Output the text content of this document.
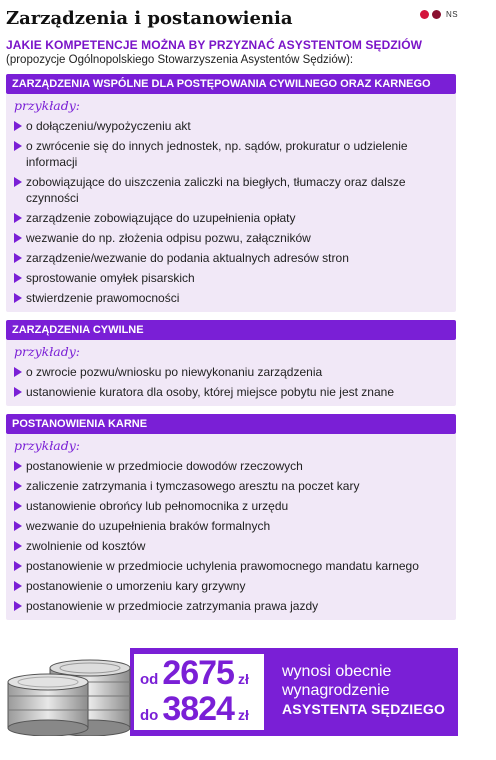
Zarządzenia i postanowienia	NS
JAKIE KOMPETENCJE MOŻNA BY PRZYZNAĆ ASYSTENTOM SĘDZIÓW
(propozycje Ogólnopolskiego Stowarzyszenia Asystentów Sędziów):
ZARZĄDZENIA WSPÓLNE DLA POSTĘPOWANIA CYWILNEGO ORAZ KARNEGO
przykłady:
o dołączeniu/wypożyczeniu akt
o zwrócenie się do innych jednostek, np. sądów, prokuratur o udzielenie informacji
zobowiązujące do uiszczenia zaliczki na biegłych, tłumaczy oraz dalsze czynności
zarządzenie zobowiązujące do uzupełnienia opłaty
wezwanie do np. złożenia odpisu pozwu, załączników
zarządzenie/wezwanie do podania aktualnych adresów stron
sprostowanie omyłek pisarskich
stwierdzenie prawomocności
ZARZĄDZENIA CYWILNE
przykłady:
o zwrocie pozwu/wniosku po niewykonaniu zarządzenia
ustanowienie kuratora dla osoby, której miejsce pobytu nie jest znane
POSTANOWIENIA KARNE
przykłady:
postanowienie w przedmiocie dowodów rzeczowych
zaliczenie zatrzymania i tymczasowego aresztu na poczet kary
ustanowienie obrońcy lub pełnomocnika z urzędu
wezwanie do uzupełnienia braków formalnych
zwolnienie od kosztów
postanowienie w przedmiocie uchylenia prawomocnego mandatu karnego
postanowienie o umorzeniu kary grzywny
postanowienie w przedmiocie zatrzymania prawa jazdy
od 2675 zł
do 3824 zł
wynosi obecnie
wynagrodzenie
ASYSTENTA SĘDZIEGO
